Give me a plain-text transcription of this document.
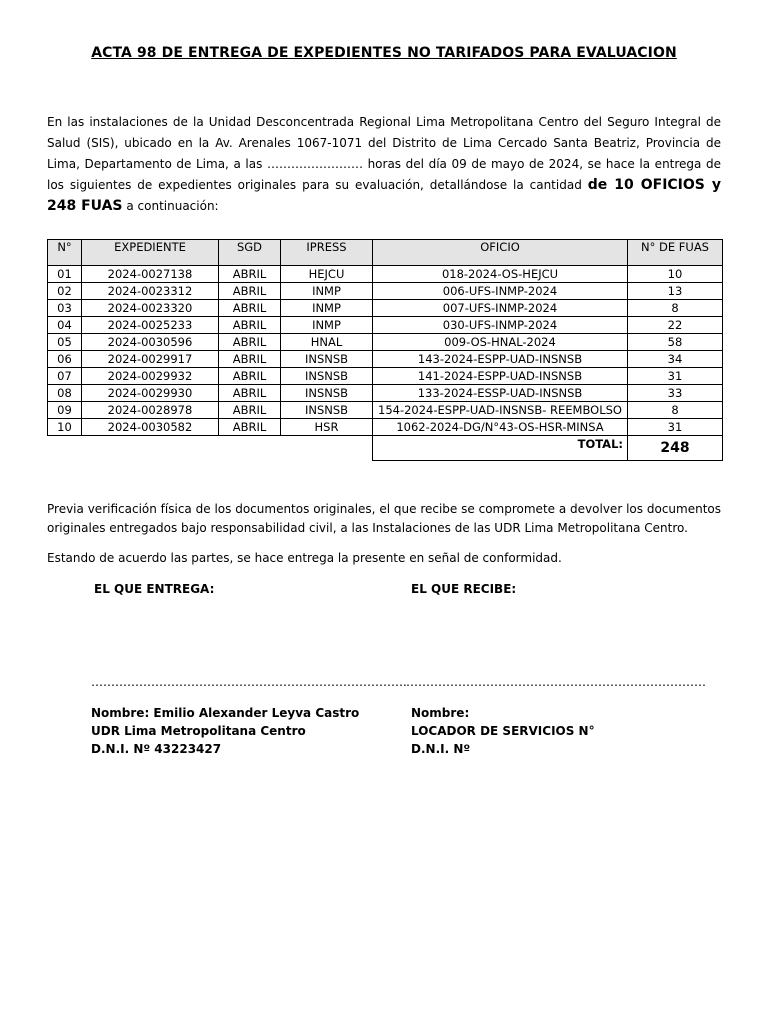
ACTA 98 DE ENTREGA DE EXPEDIENTES NO TARIFADOS PARA EVALUACION
En las instalaciones de la Unidad Desconcentrada Regional Lima Metropolitana Centro del Seguro Integral de Salud (SIS), ubicado en la Av. Arenales 1067-1071 del Distrito de Lima Cercado Santa Beatriz, Provincia de Lima, Departamento de Lima, a las …………………… horas del día 09 de mayo de 2024, se hace la entrega de los siguientes de expedientes originales para su evaluación, detallándose la cantidad de 10 OFICIOS y 248 FUAS a continuación:
N°	EXPEDIENTE	SGD	IPRESS	OFICIO	N° DE FUAS
01	2024-0027138	ABRIL	HEJCU	018-2024-OS-HEJCU	10
02	2024-0023312	ABRIL	INMP	006-UFS-INMP-2024	13
03	2024-0023320	ABRIL	INMP	007-UFS-INMP-2024	8
04	2024-0025233	ABRIL	INMP	030-UFS-INMP-2024	22
05	2024-0030596	ABRIL	HNAL	009-OS-HNAL-2024	58
06	2024-0029917	ABRIL	INSNSB	143-2024-ESPP-UAD-INSNSB	34
07	2024-0029932	ABRIL	INSNSB	141-2024-ESPP-UAD-INSNSB	31
08	2024-0029930	ABRIL	INSNSB	133-2024-ESSP-UAD-INSNSB	33
09	2024-0028978	ABRIL	INSNSB	154-2024-ESPP-UAD-INSNSB- REEMBOLSO	8
10	2024-0030582	ABRIL	HSR	1062-2024-DG/N°43-OS-HSR-MINSA	31
				TOTAL:	248
Previa verificación física de los documentos originales, el que recibe se compromete a devolver los documentos originales entregados bajo responsabilidad civil, a las Instalaciones de las UDR Lima Metropolitana Centro.
Estando de acuerdo las partes, se hace entrega la presente en señal de conformidad.
EL QUE ENTREGA:	EL QUE RECIBE:
……………………………………………………………………. …………………………………………………………………
Nombre: Emilio Alexander Leyva Castro
UDR Lima Metropolitana Centro
D.N.I. Nº 43223427
Nombre:
LOCADOR DE SERVICIOS N°
D.N.I. Nº
